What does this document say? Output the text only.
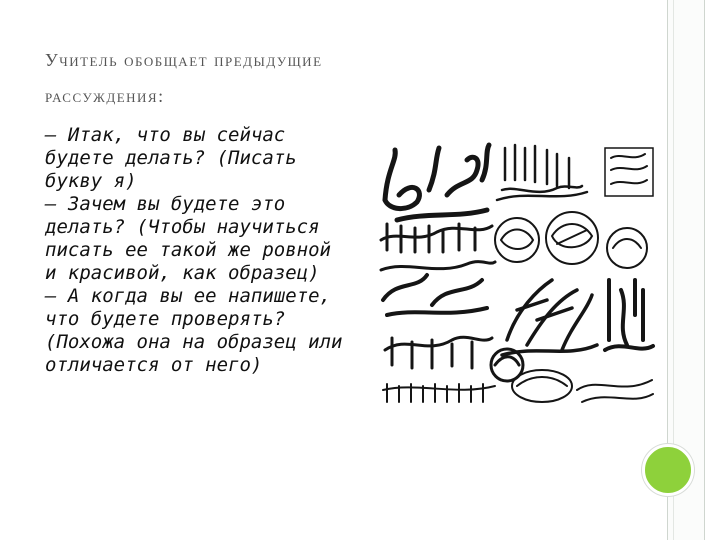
Учитель обобщает предыдущие
рассуждения:

— Итак, что вы сейчас будете делать? (Писать букву я)

— Зачем вы будете это делать? (Чтобы научиться писать ее такой же ровной и красивой, как образец)

— А когда вы ее напишете, что будете проверять? (Похожа она на образец или отличается от него)
